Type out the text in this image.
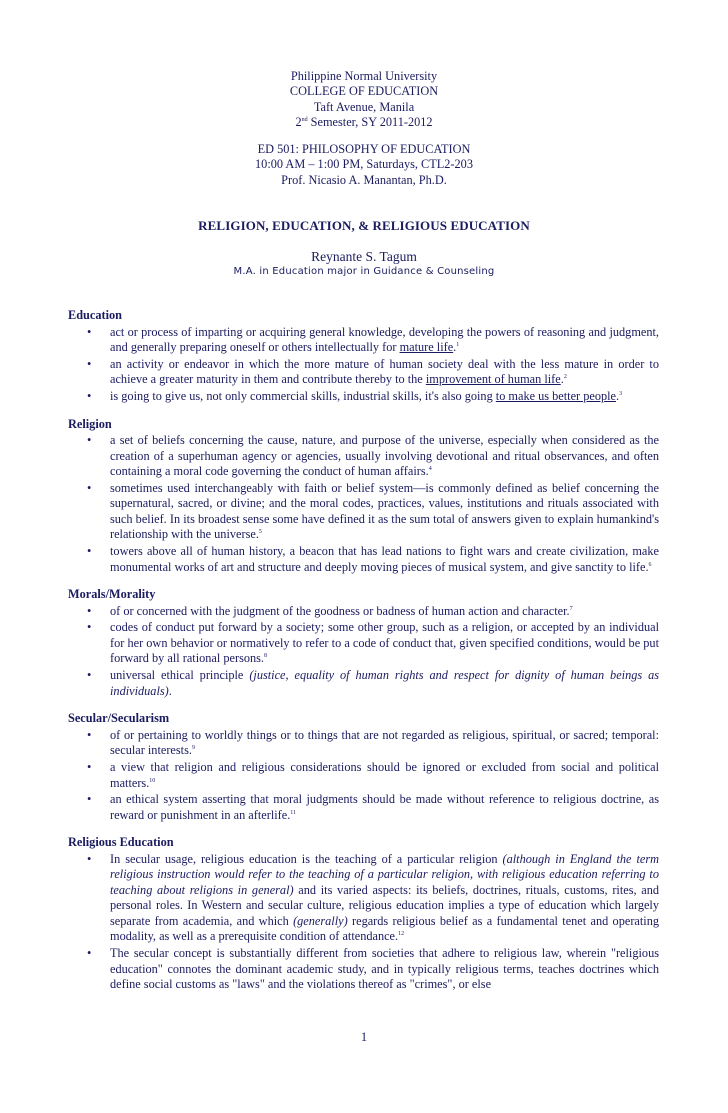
Philippine Normal University
COLLEGE OF EDUCATION
Taft Avenue, Manila
2nd Semester, SY 2011-2012
ED 501: PHILOSOPHY OF EDUCATION
10:00 AM – 1:00 PM, Saturdays, CTL2-203
Prof. Nicasio A. Manantan, Ph.D.
RELIGION, EDUCATION, & RELIGIOUS EDUCATION
Reynante S. Tagum
M.A. in Education major in Guidance & Counseling
Education
• act or process of imparting or acquiring general knowledge, developing the powers of reasoning and judgment, and generally preparing oneself or others intellectually for mature life.$^1$
• an activity or endeavor in which the more mature of human society deal with the less mature in order to achieve a greater maturity in them and contribute thereby to the improvement of human life.$^2$
• is going to give us, not only commercial skills, industrial skills, it's also going to make us better people.$^3$
Religion
• a set of beliefs concerning the cause, nature, and purpose of the universe, especially when considered as the creation of a superhuman agency or agencies, usually involving devotional and ritual observances, and often containing a moral code governing the conduct of human affairs.$^4$
• sometimes used interchangeably with faith or belief system—is commonly defined as belief concerning the supernatural, sacred, or divine; and the moral codes, practices, values, institutions and rituals associated with such belief. In its broadest sense some have defined it as the sum total of answers given to explain humankind's relationship with the universe.$^5$
• towers above all of human history, a beacon that has lead nations to fight wars and create civilization, make monumental works of art and structure and deeply moving pieces of musical system, and give sanctity to life.$^6$
Morals/Morality
• of or concerned with the judgment of the goodness or badness of human action and character.$^7$
• codes of conduct put forward by a society; some other group, such as a religion, or accepted by an individual for her own behavior or normatively to refer to a code of conduct that, given specified conditions, would be put forward by all rational persons.$^8$
• universal ethical principle (justice, equality of human rights and respect for dignity of human beings as individuals).
Secular/Secularism
• of or pertaining to worldly things or to things that are not regarded as religious, spiritual, or sacred; temporal: secular interests.$^9$
• a view that religion and religious considerations should be ignored or excluded from social and political matters.$^{10}$
• an ethical system asserting that moral judgments should be made without reference to religious doctrine, as reward or punishment in an afterlife.$^{11}$
Religious Education
• In secular usage, religious education is the teaching of a particular religion (although in England the term religious instruction would refer to the teaching of a particular religion, with religious education referring to teaching about religions in general) and its varied aspects: its beliefs, doctrines, rituals, customs, rites, and personal roles. In Western and secular culture, religious education implies a type of education which largely separate from academia, and which (generally) regards religious belief as a fundamental tenet and operating modality, as well as a prerequisite condition of attendance.$^{12}$
• The secular concept is substantially different from societies that adhere to religious law, wherein "religious education" connotes the dominant academic study, and in typically religious terms, teaches doctrines which define social customs as "laws" and the violations thereof as "crimes", or else
1
